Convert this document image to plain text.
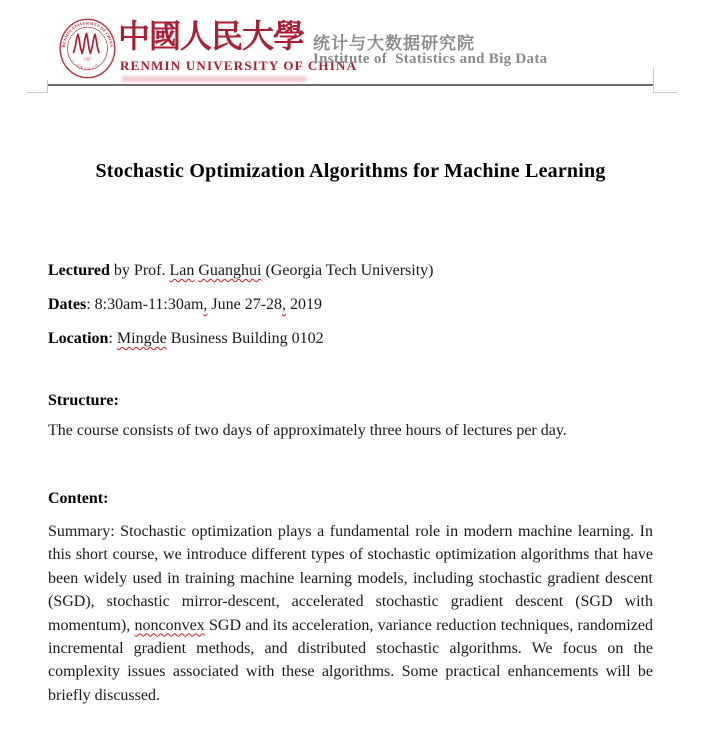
RENMIN UNIVERSITY OF CHINA
中国人民大学
1937
中國人民大學
RENMIN UNIVERSITY OF CHINA
统计与大数据研究院
Institute of  Statistics and Big Data
Stochastic Optimization Algorithms for Machine Learning

Lectured by Prof. Lan Guanghui (Georgia Tech University)

Dates: 8:30am-11:30am, June 27-28, 2019

Location: Mingde Business Building 0102

Structure:

The course consists of two days of approximately three hours of lectures per day.

Content:

Summary: Stochastic optimization plays a fundamental role in modern machine learning. In this short course, we introduce different types of stochastic optimization algorithms that have been widely used in training machine learning models, including stochastic gradient descent (SGD), stochastic mirror-descent, accelerated stochastic gradient descent (SGD with momentum), nonconvex SGD and its acceleration, variance reduction techniques, randomized incremental gradient methods, and distributed stochastic algorithms. We focus on the complexity issues associated with these algorithms. Some practical enhancements will be briefly discussed.
